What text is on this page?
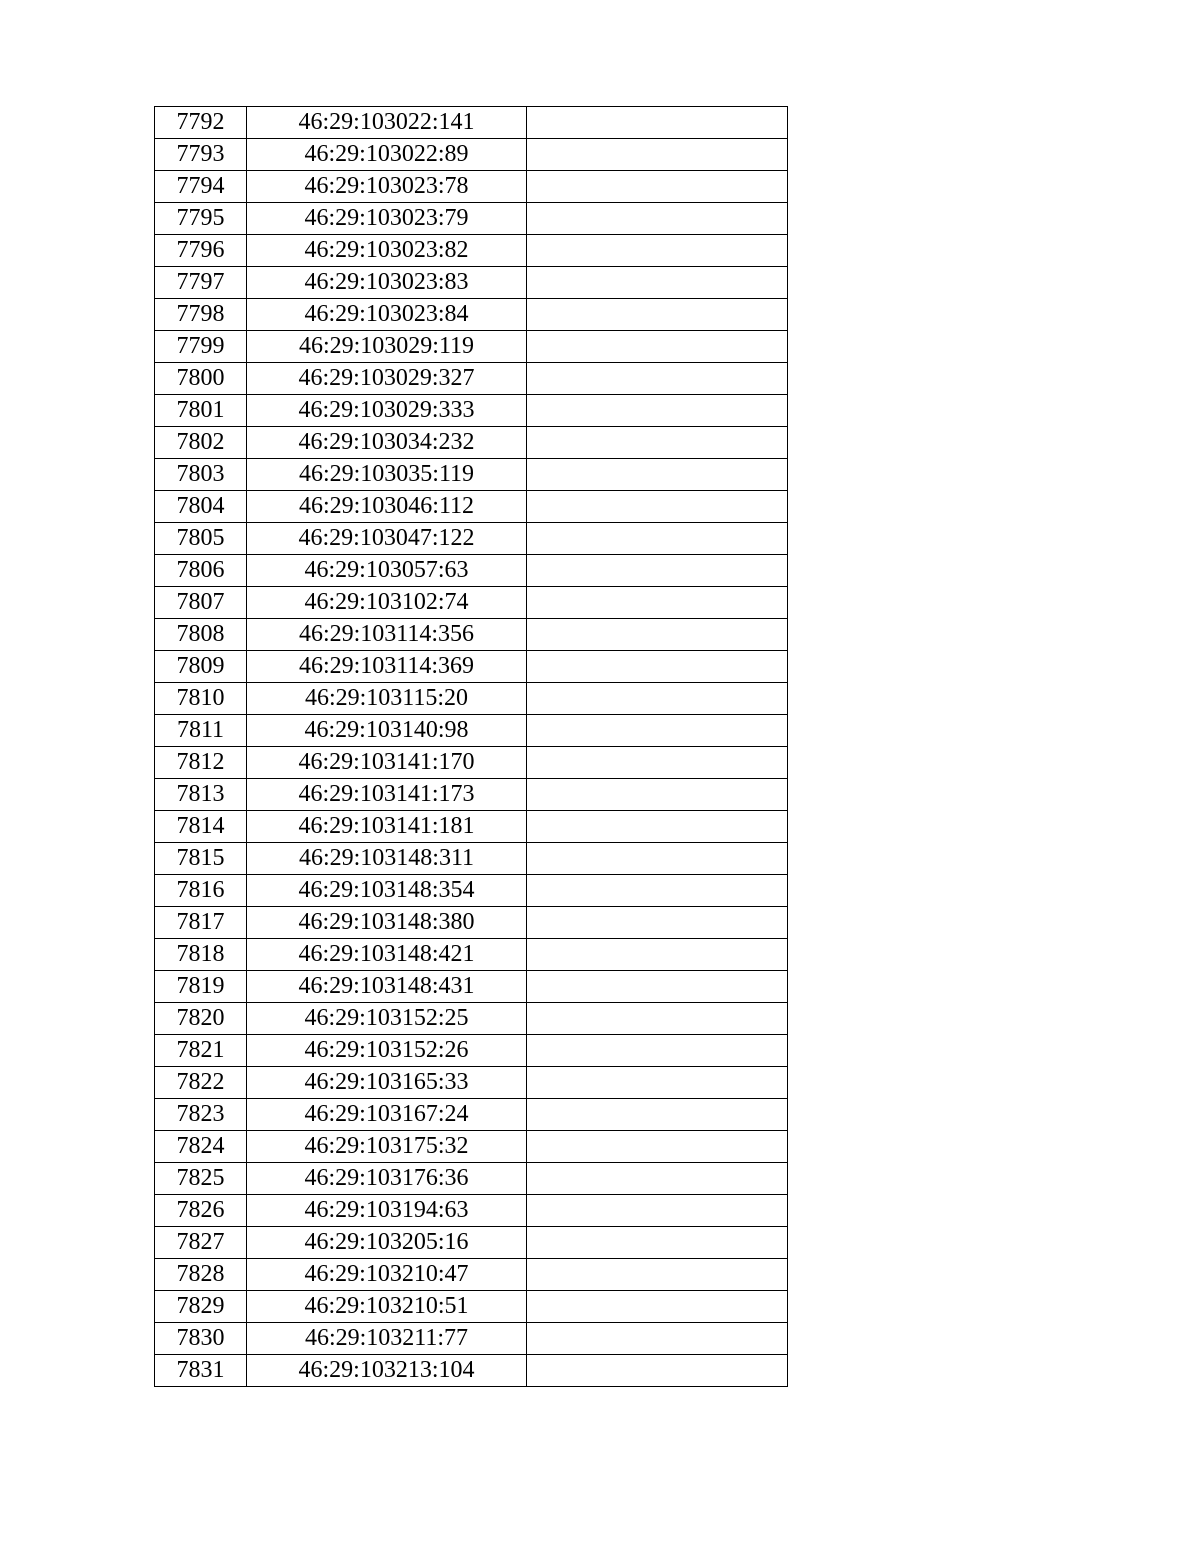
7792	46:29:103022:141	
7793	46:29:103022:89	
7794	46:29:103023:78	
7795	46:29:103023:79	
7796	46:29:103023:82	
7797	46:29:103023:83	
7798	46:29:103023:84	
7799	46:29:103029:119	
7800	46:29:103029:327	
7801	46:29:103029:333	
7802	46:29:103034:232	
7803	46:29:103035:119	
7804	46:29:103046:112	
7805	46:29:103047:122	
7806	46:29:103057:63	
7807	46:29:103102:74	
7808	46:29:103114:356	
7809	46:29:103114:369	
7810	46:29:103115:20	
7811	46:29:103140:98	
7812	46:29:103141:170	
7813	46:29:103141:173	
7814	46:29:103141:181	
7815	46:29:103148:311	
7816	46:29:103148:354	
7817	46:29:103148:380	
7818	46:29:103148:421	
7819	46:29:103148:431	
7820	46:29:103152:25	
7821	46:29:103152:26	
7822	46:29:103165:33	
7823	46:29:103167:24	
7824	46:29:103175:32	
7825	46:29:103176:36	
7826	46:29:103194:63	
7827	46:29:103205:16	
7828	46:29:103210:47	
7829	46:29:103210:51	
7830	46:29:103211:77	
7831	46:29:103213:104	
